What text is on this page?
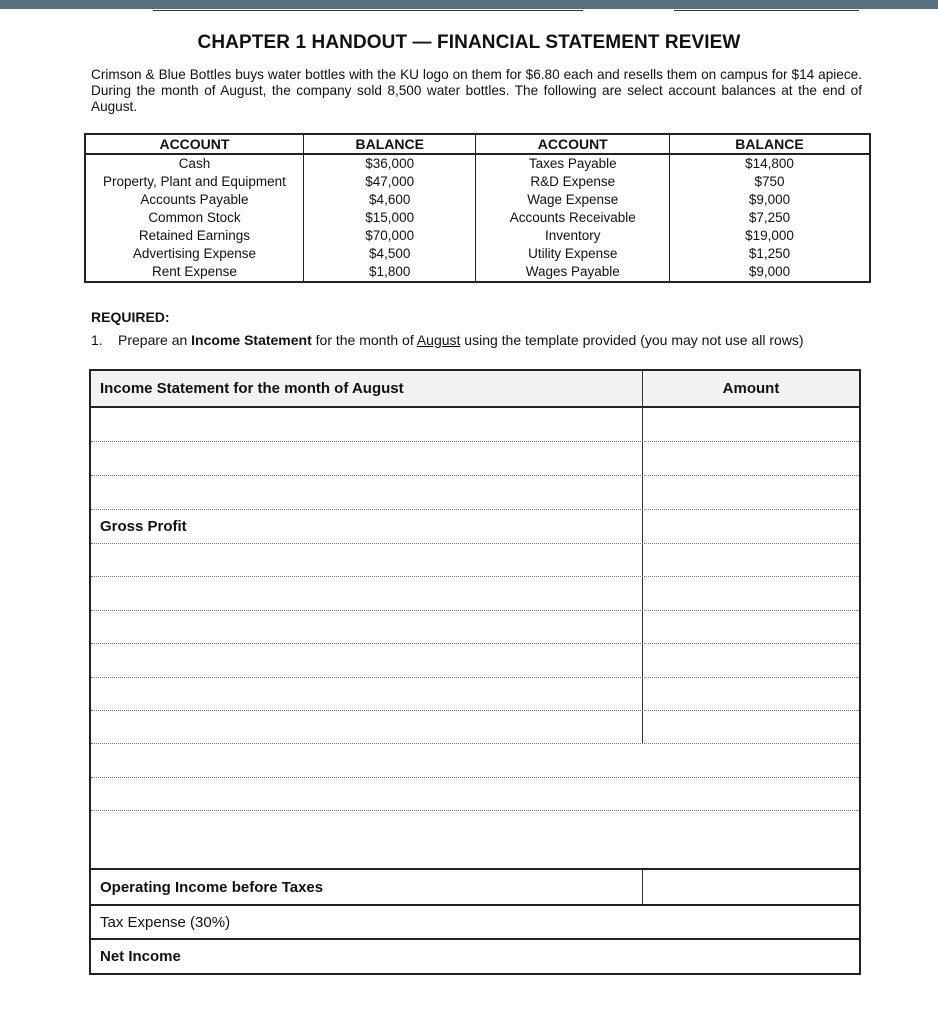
CHAPTER 1 HANDOUT — FINANCIAL STATEMENT REVIEW
Crimson & Blue Bottles buys water bottles with the KU logo on them for $6.80 each and resells them on campus for $14 apiece. During the month of August, the company sold 8,500 water bottles. The following are select account balances at the end of August.
ACCOUNT	BALANCE	ACCOUNT	BALANCE
Cash	$36,000	Taxes Payable	$14,800
Property, Plant and Equipment	$47,000	R&D Expense	$750
Accounts Payable	$4,600	Wage Expense	$9,000
Common Stock	$15,000	Accounts Receivable	$7,250
Retained Earnings	$70,000	Inventory	$19,000
Advertising Expense	$4,500	Utility Expense	$1,250
Rent Expense	$1,800	Wages Payable	$9,000
REQUIRED:
1. Prepare an Income Statement for the month of August using the template provided (you may not use all rows)
Income Statement for the month of August	Amount
Gross Profit
Operating Income before Taxes
Tax Expense (30%)
Net Income
